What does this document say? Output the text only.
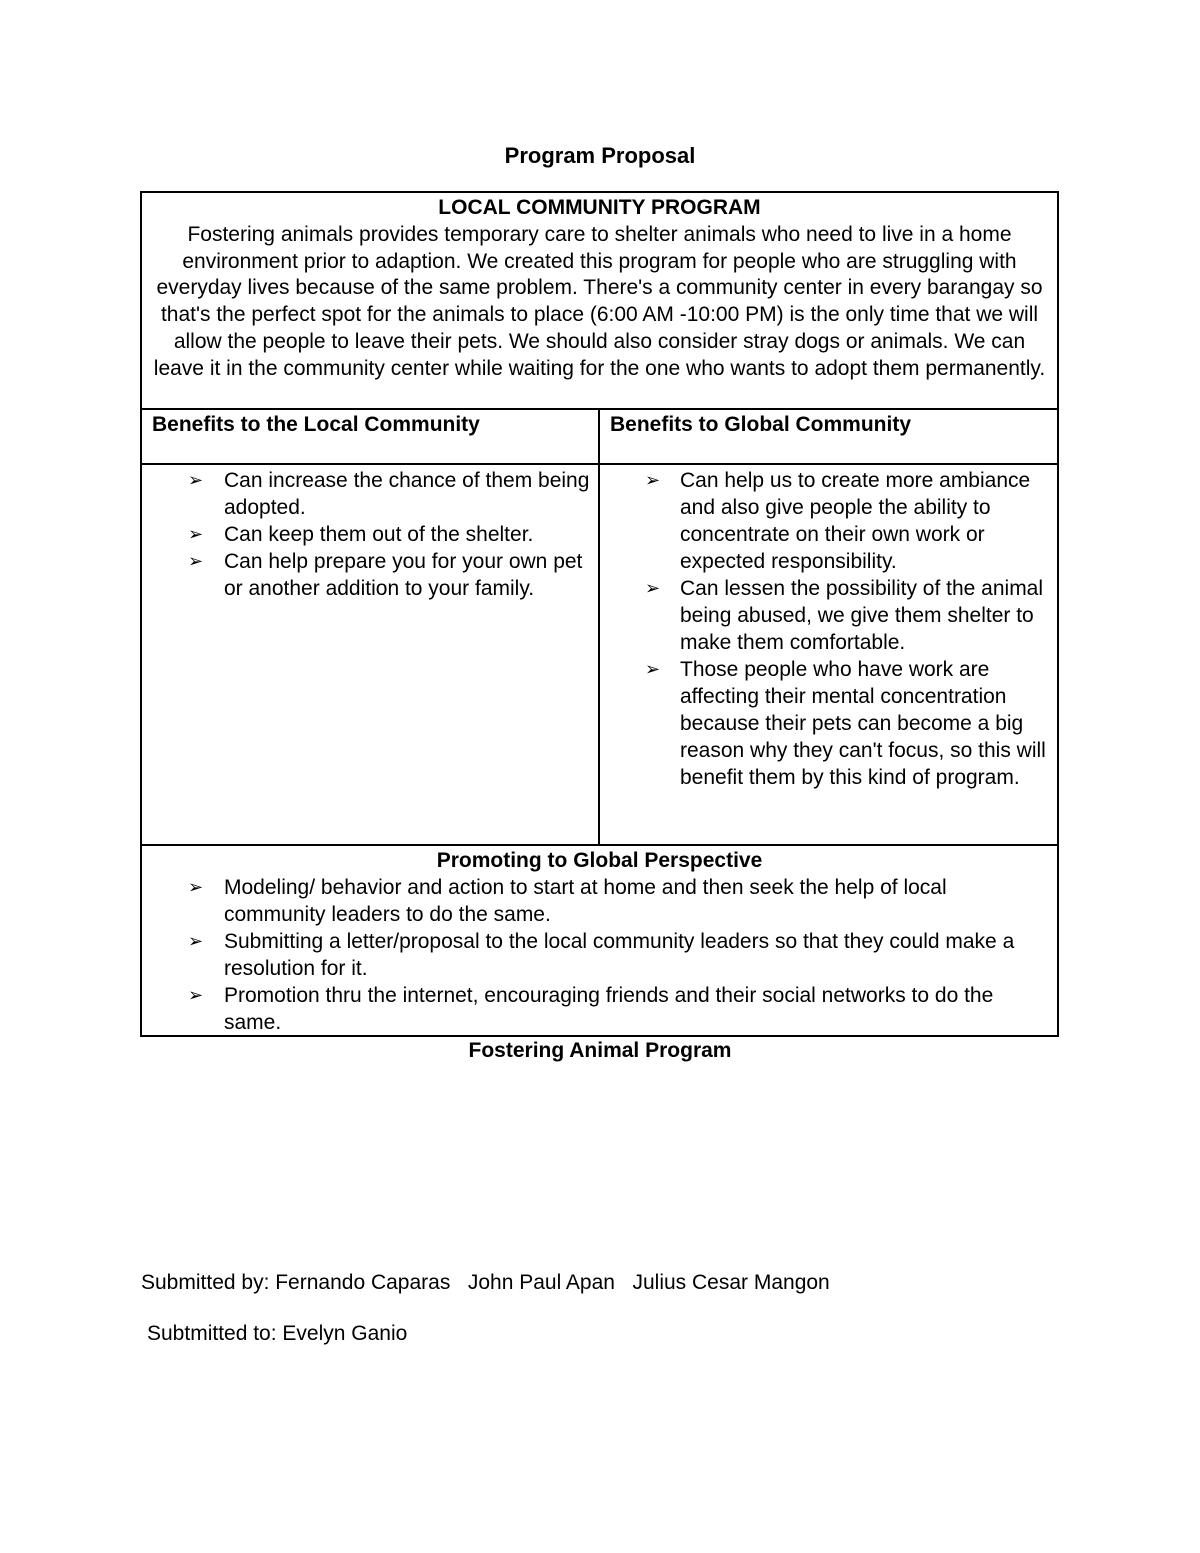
Program Proposal
LOCAL COMMUNITY PROGRAM
Fostering animals provides temporary care to shelter animals who need to live in a home environment prior to adaption. We created this program for people who are struggling with everyday lives because of the same problem. There's a community center in every barangay so that's the perfect spot for the animals to place (6:00 AM -10:00 PM) is the only time that we will allow the people to leave their pets. We should also consider stray dogs or animals. We can leave it in the community center while waiting for the one who wants to adopt them permanently.
Benefits to the Local Community	Benefits to Global Community
➢ Can increase the chance of them being adopted.
➢ Can keep them out of the shelter.
➢ Can help prepare you for your own pet or another addition to your family.
➢ Can help us to create more ambiance and also give people the ability to concentrate on their own work or expected responsibility.
➢ Can lessen the possibility of the animal being abused, we give them shelter to make them comfortable.
➢ Those people who have work are affecting their mental concentration because their pets can become a big reason why they can't focus, so this will benefit them by this kind of program.
Promoting to Global Perspective
➢ Modeling/ behavior and action to start at home and then seek the help of local community leaders to do the same.
➢ Submitting a letter/proposal to the local community leaders so that they could make a resolution for it.
➢ Promotion thru the internet, encouraging friends and their social networks to do the same.
Fostering Animal Program
Submitted by: Fernando Caparas   John Paul Apan   Julius Cesar Mangon
Subtmitted to: Evelyn Ganio
